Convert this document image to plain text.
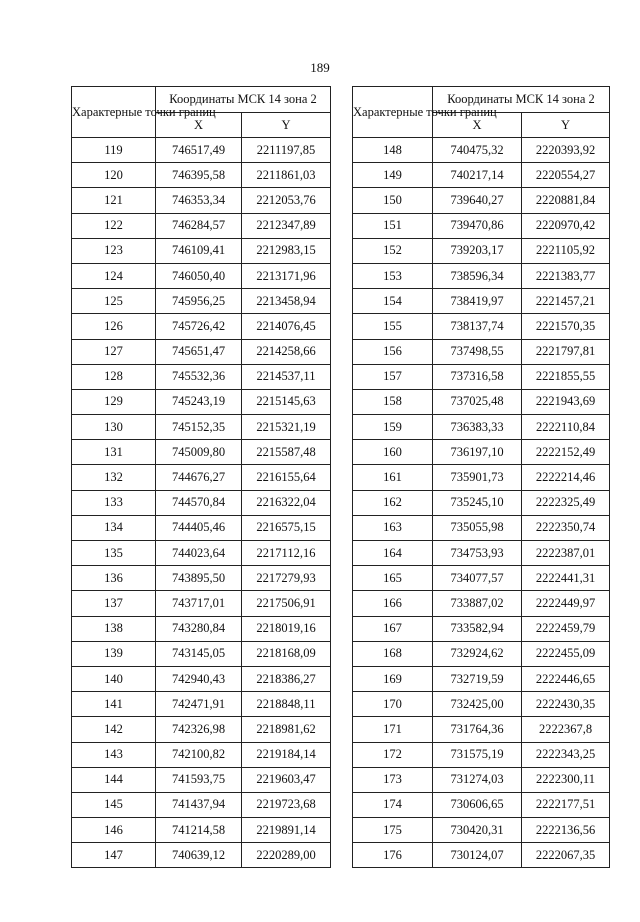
189
Характерные точки границ	Координаты МСК 14 зона 2	
	X	Y
119	746517,49	2211197,85
120	746395,58	2211861,03
121	746353,34	2212053,76
122	746284,57	2212347,89
123	746109,41	2212983,15
124	746050,40	2213171,96
125	745956,25	2213458,94
126	745726,42	2214076,45
127	745651,47	2214258,66
128	745532,36	2214537,11
129	745243,19	2215145,63
130	745152,35	2215321,19
131	745009,80	2215587,48
132	744676,27	2216155,64
133	744570,84	2216322,04
134	744405,46	2216575,15
135	744023,64	2217112,16
136	743895,50	2217279,93
137	743717,01	2217506,91
138	743280,84	2218019,16
139	743145,05	2218168,09
140	742940,43	2218386,27
141	742471,91	2218848,11
142	742326,98	2218981,62
143	742100,82	2219184,14
144	741593,75	2219603,47
145	741437,94	2219723,68
146	741214,58	2219891,14
147	740639,12	2220289,00
Характерные точки границ	Координаты МСК 14 зона 2	
	X	Y
148	740475,32	2220393,92
149	740217,14	2220554,27
150	739640,27	2220881,84
151	739470,86	2220970,42
152	739203,17	2221105,92
153	738596,34	2221383,77
154	738419,97	2221457,21
155	738137,74	2221570,35
156	737498,55	2221797,81
157	737316,58	2221855,55
158	737025,48	2221943,69
159	736383,33	2222110,84
160	736197,10	2222152,49
161	735901,73	2222214,46
162	735245,10	2222325,49
163	735055,98	2222350,74
164	734753,93	2222387,01
165	734077,57	2222441,31
166	733887,02	2222449,97
167	733582,94	2222459,79
168	732924,62	2222455,09
169	732719,59	2222446,65
170	732425,00	2222430,35
171	731764,36	2222367,8
172	731575,19	2222343,25
173	731274,03	2222300,11
174	730606,65	2222177,51
175	730420,31	2222136,56
176	730124,07	2222067,35
